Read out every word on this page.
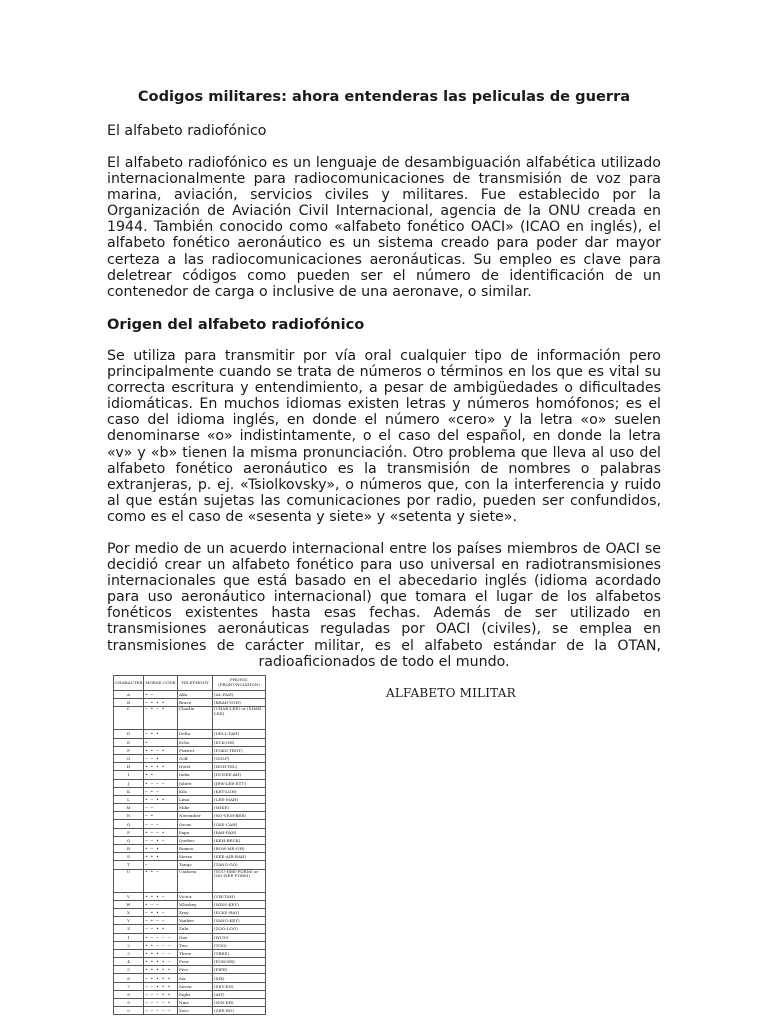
Codigos militares: ahora entenderas las peliculas de guerra
El alfabeto radiofónico

El alfabeto radiofónico es un lenguaje de desambiguación alfabética utilizado internacionalmente para radiocomunicaciones de transmisión de voz para marina, aviación, servicios civiles y militares. Fue establecido por la Organización de Aviación Civil Internacional, agencia de la ONU creada en 1944. También conocido como «alfabeto fonético OACI» (ICAO en inglés), el alfabeto fonético aeronáutico es un sistema creado para poder dar mayor certeza a las radiocomunicaciones aeronáuticas. Su empleo es clave para deletrear códigos como pueden ser el número de identificación de un contenedor de carga o inclusive de una aeronave, o similar.

Origen del alfabeto radiofónico

Se utiliza para transmitir por vía oral cualquier tipo de información pero principalmente cuando se trata de números o términos en los que es vital su correcta escritura y entendimiento, a pesar de ambigüedades o dificultades idiomáticas. En muchos idiomas existen letras y números homófonos; es el caso del idioma inglés, en donde el número «cero» y la letra «o» suelen denominarse «o» indistintamente, o el caso del español, en donde la letra «v» y «b» tienen la misma pronunciación. Otro problema que lleva al uso del alfabeto fonético aeronáutico es la transmisión de nombres o palabras extranjeras, p. ej. «Tsiolkovsky», o números que, con la interferencia y ruido al que están sujetas las comunicaciones por radio, pueden ser confundidos, como es el caso de «sesenta y siete» y «setenta y siete».

Por medio de un acuerdo internacional entre los países miembros de OACI se decidió crear un alfabeto fonético para uso universal en radiotransmisiones internacionales que está basado en el abecedario inglés (idioma acordado para uso aeronáutico internacional) que tomara el lugar de los alfabetos fonéticos existentes hasta esas fechas. Además de ser utilizado en transmisiones aeronáuticas reguladas por OACI (civiles), se emplea en transmisiones de carácter militar, es el alfabeto estándar de la OTAN, radioaficionados de todo el mundo.

ALFABETO MILITAR
CHARACTER	MORSE CODE	TELEPHONY	PHONIC (PRONUNCIATION)
A	• —	Alfa	(AL-FAH)
B	— • • •	Bravo	(BRAH-VOH)
C	— • — •	Charlie	(CHAR-LEE) or (SHAR-LEE)
D	— • •	Delta	(DELL-TAH)
E	•	Echo	(ECK-OH)
F	• • — •	Foxtrot	(FOKS-TROT)
G	— — •	Golf	(GOLF)
H	• • • •	Hotel	(HOH-TEL)
I	• •	India	(IN-DEE-AH)
J	• — — —	Juliett	(JEW-LEE-ETT)
K	— • —	Kilo	(KEY-LOH)
L	• — • •	Lima	(LEE-MAH)
M	— —	Mike	(MIKE)
N	— •	November	(NO-VEM-BER)
O	— — —	Oscar	(OSS-CAH)
P	• — — •	Papa	(PAH-PAH)
Q	— — • —	Quebec	(KEH-BECK)
R	• — •	Romeo	(ROW-ME-OH)
S	• • •	Sierra	(SEE-AIR-RAH)
T	—	Tango	(TANG-GO)
U	• • —	Uniform	(YOU-NEE-FORM) or (OO-NEE-FORM)
V	• • • —	Victor	(VIK-TAH)
W	• — —	Whiskey	(WISS-KEY)
X	— • • —	Xray	(ECKS-RAY)
Y	— • — —	Yankee	(YANG-KEY)
Z	— — • •	Zulu	(ZOO-LOO)
1	• — — — —	One	(WUN)
2	• • — — —	Two	(TOO)
3	• • • — —	Three	(TREE)
4	• • • • —	Four	(FOW-ER)
5	• • • • •	Five	(FIFE)
6	— • • • •	Six	(SIX)
7	— — • • •	Seven	(SEV-EN)
8	— — — • •	Eight	(AIT)
9	— — — — •	Nine	(NIN-ER)
0	— — — — —	Zero	(ZEE-RO)
